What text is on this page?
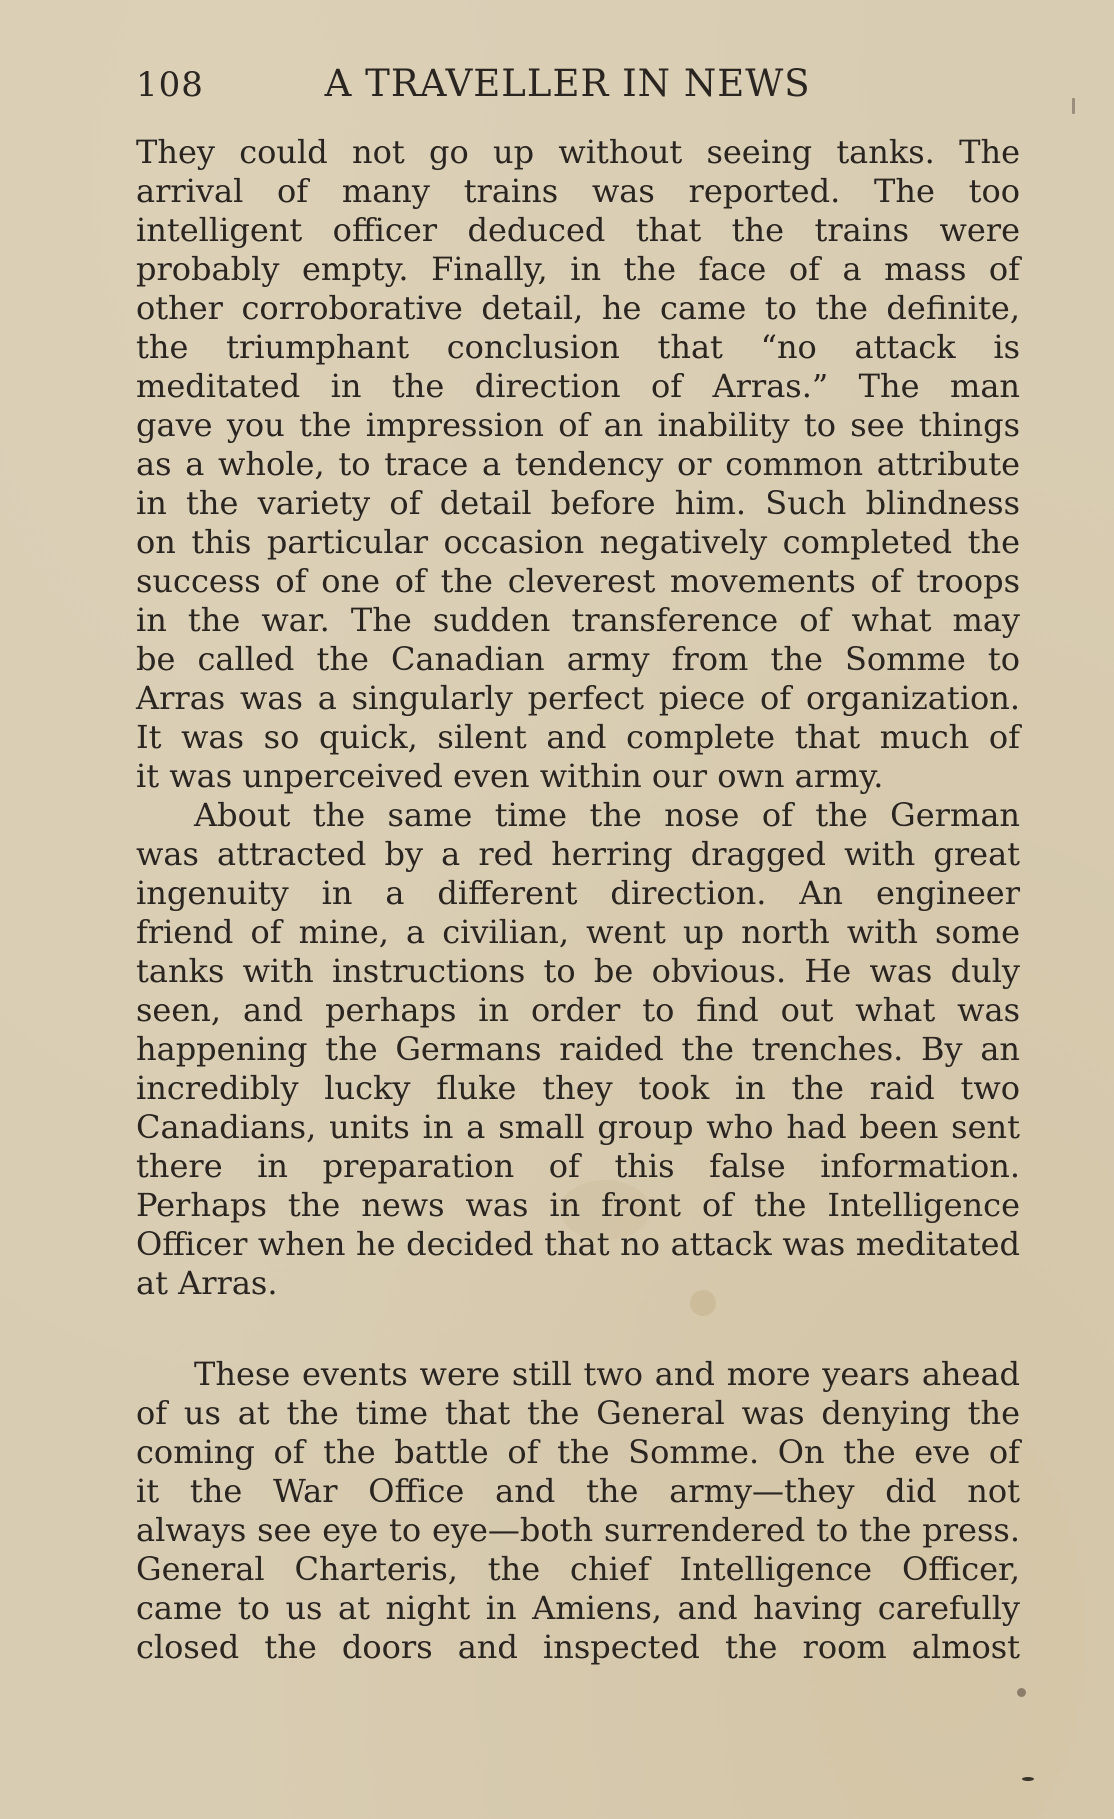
108	A TRAVELLER IN NEWS
They could not go up without seeing tanks. The
arrival of many trains was reported. The too
intelligent officer deduced that the trains were
probably empty. Finally, in the face of a mass of
other corroborative detail, he came to the definite,
the triumphant conclusion that “no attack is
meditated in the direction of Arras.” The man
gave you the impression of an inability to see things
as a whole, to trace a tendency or common attribute
in the variety of detail before him. Such blindness
on this particular occasion negatively completed the
success of one of the cleverest movements of troops
in the war. The sudden transference of what may
be called the Canadian army from the Somme to
Arras was a singularly perfect piece of organization.
It was so quick, silent and complete that much of
it was unperceived even within our own army.
About the same time the nose of the German
was attracted by a red herring dragged with great
ingenuity in a different direction. An engineer
friend of mine, a civilian, went up north with some
tanks with instructions to be obvious. He was duly
seen, and perhaps in order to find out what was
happening the Germans raided the trenches. By an
incredibly lucky fluke they took in the raid two
Canadians, units in a small group who had been sent
there in preparation of this false information.
Perhaps the news was in front of the Intelligence
Officer when he decided that no attack was meditated
at Arras.
These events were still two and more years ahead
of us at the time that the General was denying the
coming of the battle of the Somme. On the eve of
it the War Office and the army—they did not
always see eye to eye—both surrendered to the press.
General Charteris, the chief Intelligence Officer,
came to us at night in Amiens, and having carefully
closed the doors and inspected the room almost
